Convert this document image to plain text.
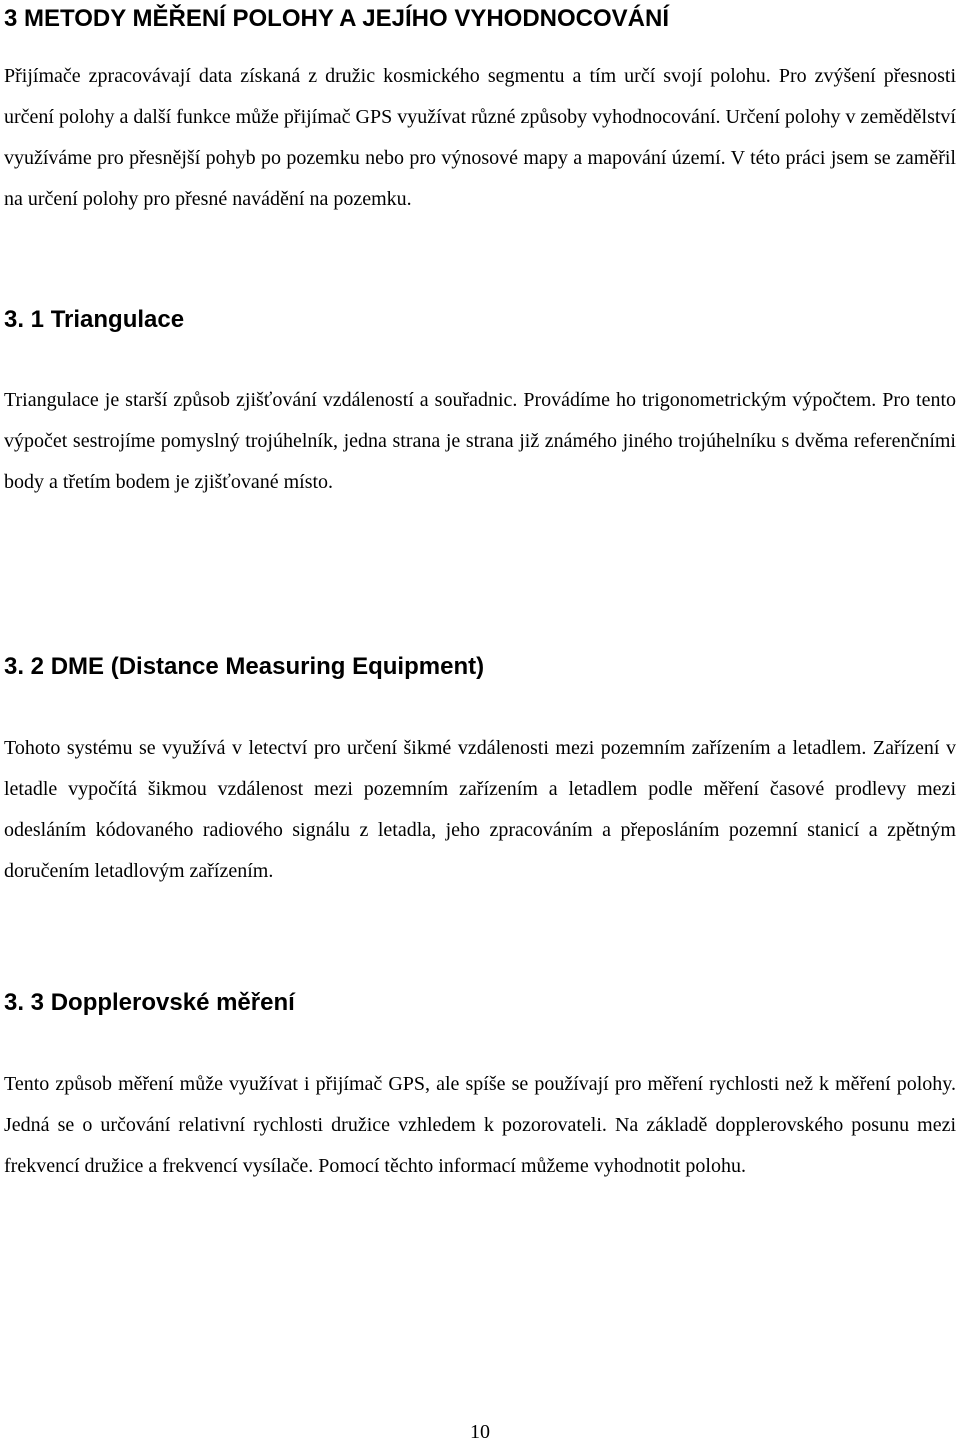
3 METODY MĚŘENÍ POLOHY A JEJÍHO VYHODNOCOVÁNÍ

Přijímače zpracovávají data získaná z družic kosmického segmentu a tím určí svojí polohu. Pro zvýšení přesnosti určení polohy a další funkce může přijímač GPS využívat různé způsoby vyhodnocování. Určení polohy v zemědělství využíváme pro přesnější pohyb po pozemku nebo pro výnosové mapy a mapování území. V této práci jsem se zaměřil na určení polohy pro přesné navádění na pozemku.

3. 1 Triangulace

Triangulace je starší způsob zjišťování vzdáleností a souřadnic. Provádíme ho trigonometrickým výpočtem. Pro tento výpočet sestrojíme pomyslný trojúhelník, jedna strana je strana již známého jiného trojúhelníku s dvěma referenčními body a třetím bodem je zjišťované místo.

3. 2 DME (Distance Measuring Equipment)

Tohoto systému se využívá v letectví pro určení šikmé vzdálenosti mezi pozemním zařízením a letadlem. Zařízení v letadle vypočítá šikmou vzdálenost mezi pozemním zařízením a letadlem podle měření časové prodlevy mezi odesláním kódovaného radiového signálu z letadla, jeho zpracováním a přeposláním pozemní stanicí a zpětným doručením letadlovým zařízením.

3. 3 Dopplerovské měření

Tento způsob měření může využívat i přijímač GPS, ale spíše se používají pro měření rychlosti než k měření polohy. Jedná se o určování relativní rychlosti družice vzhledem k pozorovateli. Na základě dopplerovského posunu mezi frekvencí družice a frekvencí vysílače. Pomocí těchto informací můžeme vyhodnotit polohu.

10
